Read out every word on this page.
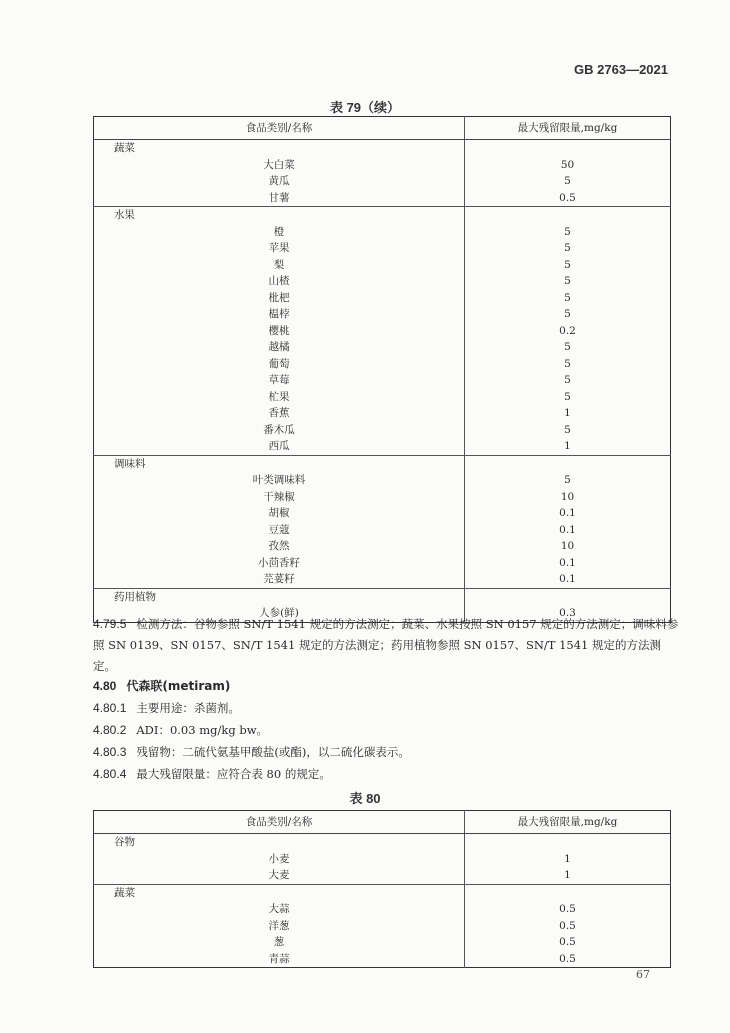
GB 2763—2021
表 79（续）
食品类别/名称	最大残留限量,mg/kg
蔬菜	
大白菜	50
黄瓜	5
甘薯	0.5
水果	
橙	5
苹果	5
梨	5
山楂	5
枇杷	5
榅桲	5
樱桃	0.2
越橘	5
葡萄	5
草莓	5
杧果	5
香蕉	1
番木瓜	5
西瓜	1
调味料	
叶类调味料	5
干辣椒	10
胡椒	0.1
豆蔻	0.1
孜然	10
小茴香籽	0.1
芫荽籽	0.1
药用植物	
人参(鲜)	0.3
4.79.5 检测方法：谷物参照 SN/T 1541 规定的方法测定；蔬菜、水果按照 SN 0157 规定的方法测定；调味料参照 SN 0139、SN 0157、SN/T 1541 规定的方法测定；药用植物参照 SN 0157、SN/T 1541 规定的方法测定。
4.80 代森联(metiram)
4.80.1 主要用途：杀菌剂。
4.80.2 ADI：0.03 mg/kg bw。
4.80.3 残留物：二硫代氨基甲酸盐(或酯)，以二硫化碳表示。
4.80.4 最大残留限量：应符合表 80 的规定。
表 80
食品类别/名称	最大残留限量,mg/kg
谷物	
小麦	1
大麦	1
蔬菜	
大蒜	0.5
洋葱	0.5
葱	0.5
青蒜	0.5
67
